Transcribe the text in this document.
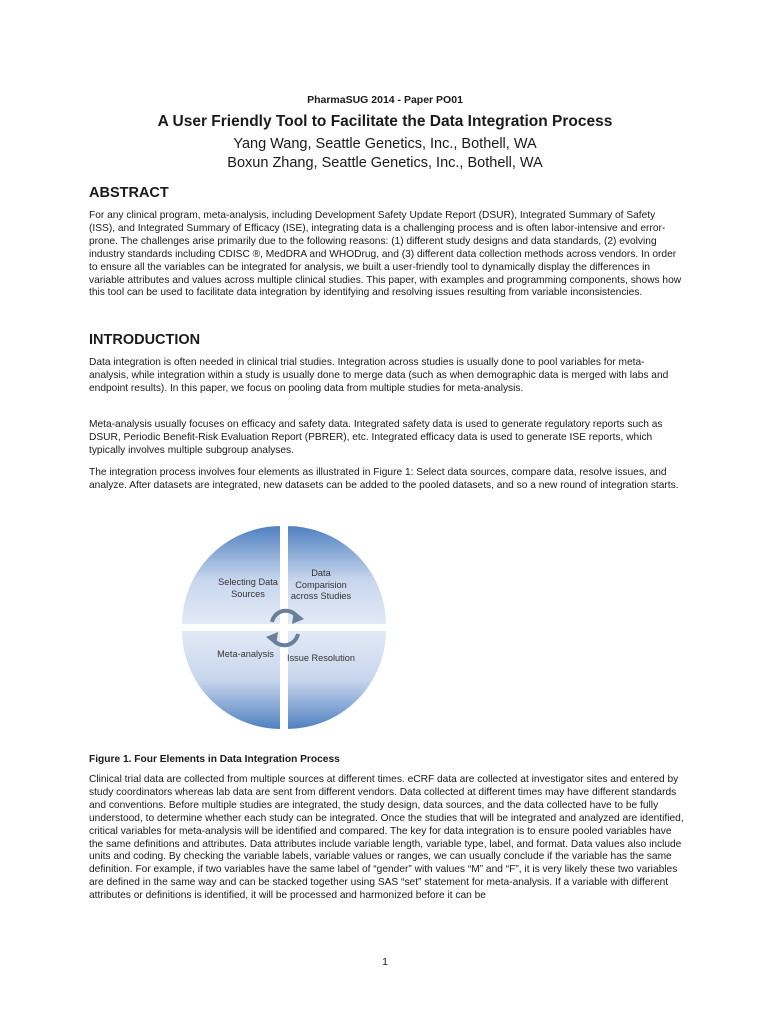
PharmaSUG 2014 - Paper PO01
A User Friendly Tool to Facilitate the Data Integration Process
Yang Wang, Seattle Genetics, Inc., Bothell, WA
Boxun Zhang, Seattle Genetics, Inc., Bothell, WA
ABSTRACT

For any clinical program, meta-analysis, including Development Safety Update Report (DSUR), Integrated Summary of Safety (ISS), and Integrated Summary of Efficacy (ISE), integrating data is a challenging process and is often labor-intensive and error-prone. The challenges arise primarily due to the following reasons: (1) different study designs and data standards, (2) evolving industry standards including CDISC ®, MedDRA and WHODrug, and (3) different data collection methods across vendors. In order to ensure all the variables can be integrated for analysis, we built a user-friendly tool to dynamically display the differences in variable attributes and values across multiple clinical studies. This paper, with examples and programming components, shows how this tool can be used to facilitate data integration by identifying and resolving issues resulting from variable inconsistencies.

INTRODUCTION

Data integration is often needed in clinical trial studies. Integration across studies is usually done to pool variables for meta-analysis, while integration within a study is usually done to merge data (such as when demographic data is merged with labs and endpoint results). In this paper, we focus on pooling data from multiple studies for meta-analysis.

Meta-analysis usually focuses on efficacy and safety data. Integrated safety data is used to generate regulatory reports such as DSUR, Periodic Benefit-Risk Evaluation Report (PBRER), etc. Integrated efficacy data is used to generate ISE reports, which typically involves multiple subgroup analyses.

The integration process involves four elements as illustrated in Figure 1: Select data sources, compare data, resolve issues, and analyze. After datasets are integrated, new datasets can be added to the pooled datasets, and so a new round of integration starts.

Selecting Data Sources
Data Comparision across Studies
Meta-analysis	Issue Resolution
Figure 1. Four Elements in Data Integration Process

Clinical trial data are collected from multiple sources at different times. eCRF data are collected at investigator sites and entered by study coordinators whereas lab data are sent from different vendors. Data collected at different times may have different standards and conventions. Before multiple studies are integrated, the study design, data sources, and the data collected have to be fully understood, to determine whether each study can be integrated. Once the studies that will be integrated and analyzed are identified, critical variables for meta-analysis will be identified and compared. The key for data integration is to ensure pooled variables have the same definitions and attributes. Data attributes include variable length, variable type, label, and format. Data values also include units and coding. By checking the variable labels, variable values or ranges, we can usually conclude if the variable has the same definition. For example, if two variables have the same label of “gender” with values “M” and “F”, it is very likely these two variables are defined in the same way and can be stacked together using SAS “set” statement for meta-analysis. If a variable with different attributes or definitions is identified, it will be processed and harmonized before it can be

1
